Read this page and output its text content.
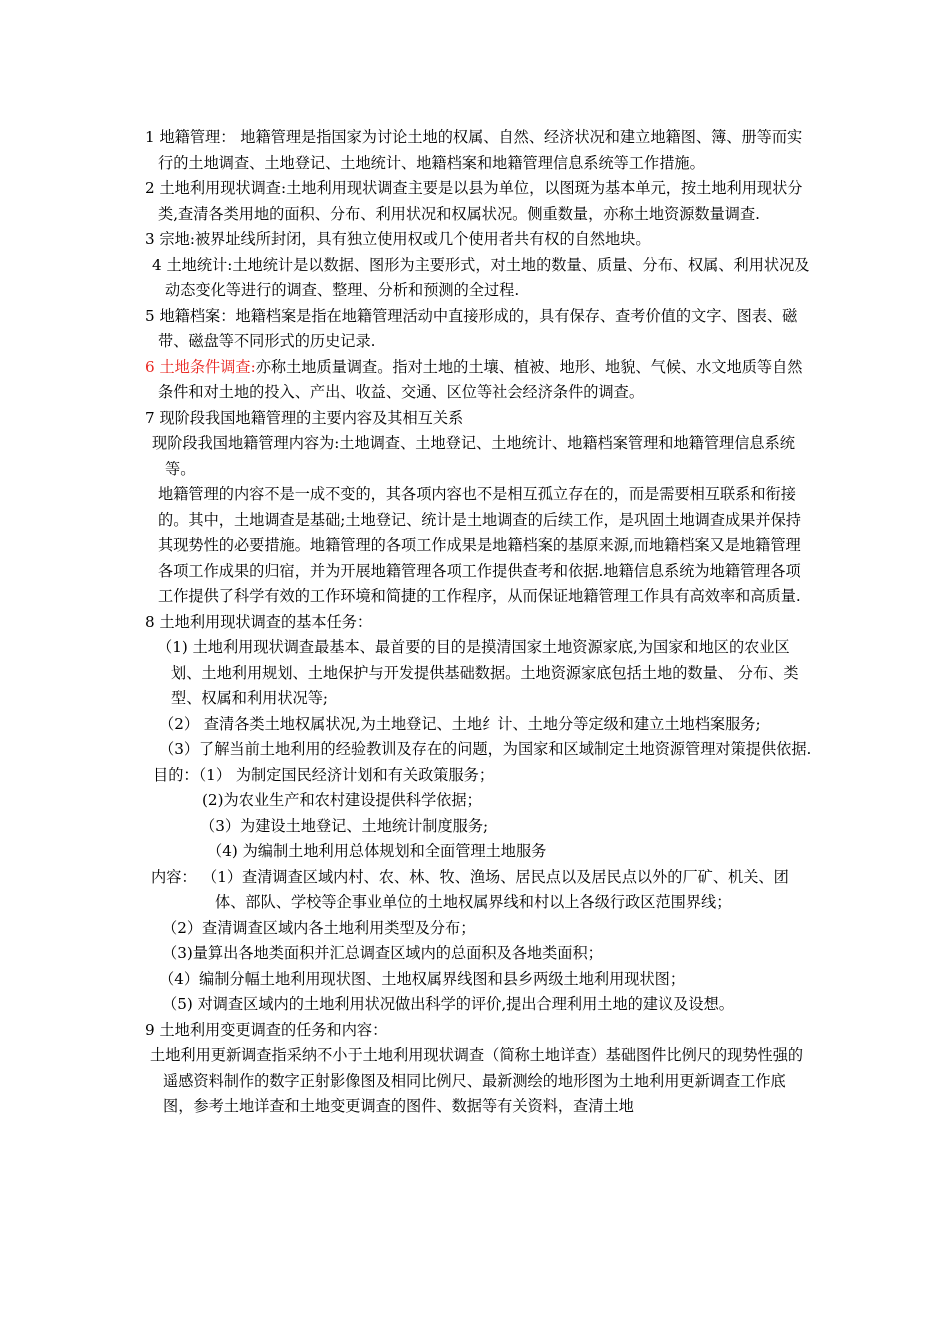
1 地籍管理： 地籍管理是指国家为讨论土地的权属、自然、经济状况和建立地籍图、簿、册等而实行的土地调查、土地登记、土地统计、地籍档案和地籍管理信息系统等工作措施。
2 土地利用现状调查:土地利用现状调查主要是以县为单位，以图斑为基本单元，按土地利用现状分类,查清各类用地的面积、分布、利用状况和权属状况。侧重数量，亦称土地资源数量调查.
3 宗地:被界址线所封闭，具有独立使用权或几个使用者共有权的自然地块。
4 土地统计:土地统计是以数据、图形为主要形式，对土地的数量、质量、分布、权属、利用状况及动态变化等进行的调查、整理、分析和预测的全过程.
5 地籍档案：地籍档案是指在地籍管理活动中直接形成的，具有保存、查考价值的文字、图表、磁带、磁盘等不同形式的历史记录.
6 土地条件调查:亦称土地质量调查。指对土地的土壤、植被、地形、地貌、气候、水文地质等自然条件和对土地的投入、产出、收益、交通、区位等社会经济条件的调查。
7 现阶段我国地籍管理的主要内容及其相互关系
现阶段我国地籍管理内容为:土地调查、土地登记、土地统计、地籍档案管理和地籍管理信息系统等。
地籍管理的内容不是一成不变的，其各项内容也不是相互孤立存在的，而是需要相互联系和衔接的。其中，土地调查是基础;土地登记、统计是土地调查的后续工作，是巩固土地调查成果并保持其现势性的必要措施。地籍管理的各项工作成果是地籍档案的基原来源,而地籍档案又是地籍管理各项工作成果的归宿，并为开展地籍管理各项工作提供查考和依据.地籍信息系统为地籍管理各项工作提供了科学有效的工作环境和简捷的工作程序，从而保证地籍管理工作具有高效率和高质量.
8 土地利用现状调查的基本任务：
（1) 土地利用现状调查最基本、最首要的目的是摸清国家土地资源家底,为国家和地区的农业区划、土地利用规划、土地保护与开发提供基础数据。土地资源家底包括土地的数量、 分布、类型、权属和利用状况等;
（2） 查清各类土地权属状况,为土地登记、土地纟计、土地分等定级和建立土地档案服务;
（3）了解当前土地利用的经验教训及存在的问题，为国家和区域制定土地资源管理对策提供依据.
目的：（1） 为制定国民经济计划和有关政策服务；
(2)为农业生产和农村建设提供科学依据；
（3）为建设土地登记、土地统计制度服务;
（4) 为编制土地利用总体规划和全面管理土地服务
内容： （1）查清调查区域内村、农、林、牧、渔场、居民点以及居民点以外的厂矿、机关、团体、部队、学校等企事业单位的土地权属界线和村以上各级行政区范围界线；
（2）查清调查区域内各土地利用类型及分布；
（3)量算出各地类面积并汇总调查区域内的总面积及各地类面积；
（4）编制分幅土地利用现状图、土地权属界线图和县乡两级土地利用现状图；
（5) 对调查区域内的土地利用状况做出科学的评价,提出合理利用土地的建议及设想。
9 土地利用变更调查的任务和内容：
土地利用更新调查指采纳不小于土地利用现状调查（简称土地详查）基础图件比例尺的现势性强的遥感资料制作的数字正射影像图及相同比例尺、最新测绘的地形图为土地利用更新调查工作底图，参考土地详查和土地变更调查的图件、数据等有关资料，查清土地
